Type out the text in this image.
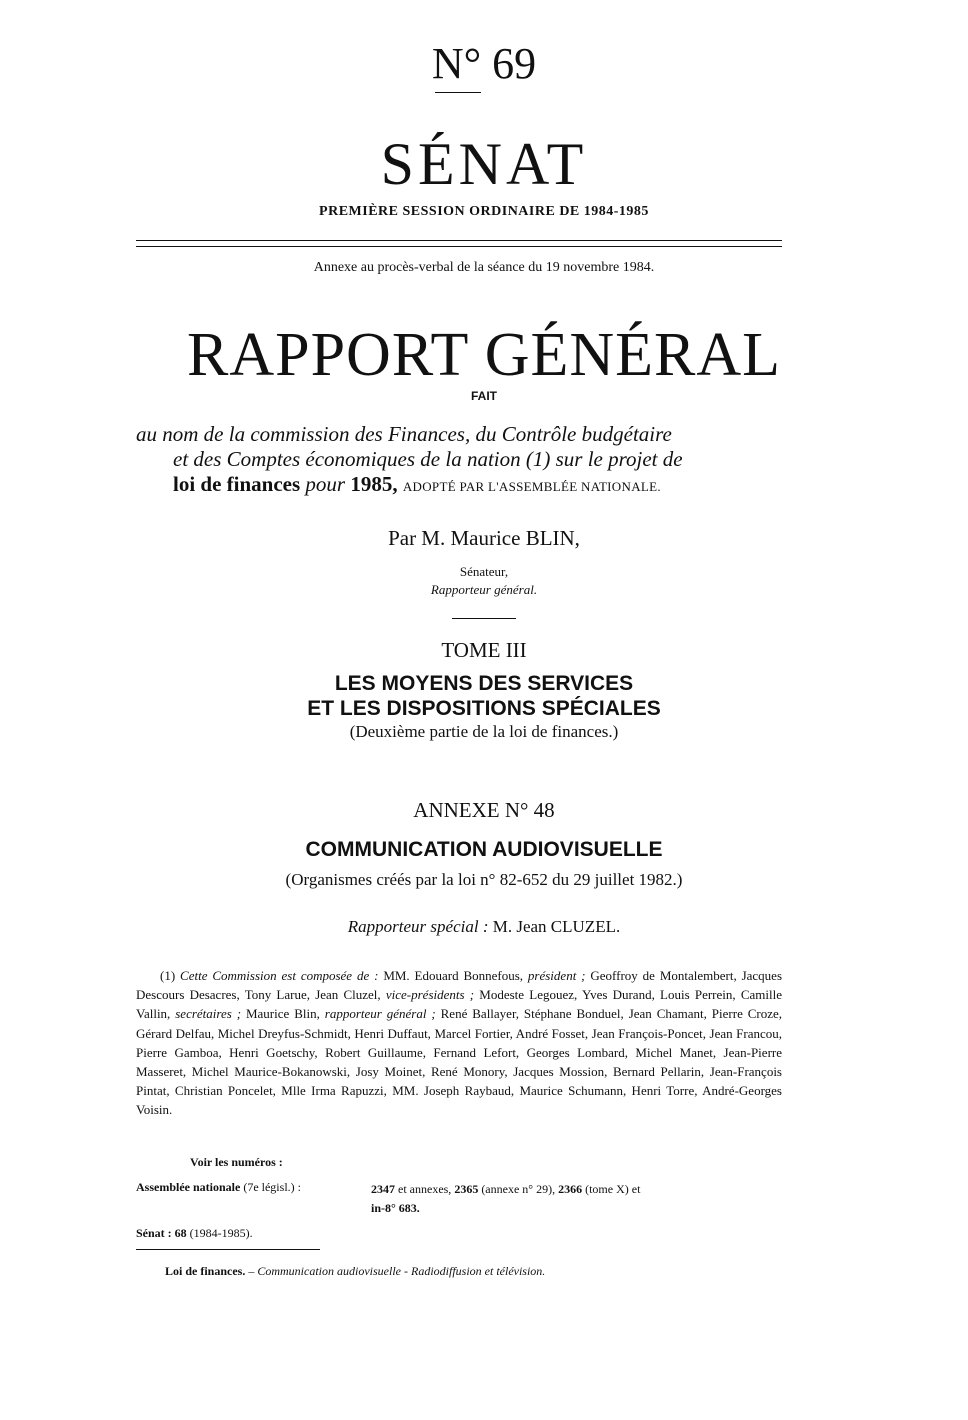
N° 69
SÉNAT
PREMIÈRE SESSION ORDINAIRE DE 1984-1985
Annexe au procès-verbal de la séance du 19 novembre 1984.
RAPPORT GÉNÉRAL
FAIT
au nom de la commission des Finances, du Contrôle budgétaire
et des Comptes économiques de la nation (1) sur le projet de
loi de finances pour 1985, ADOPTÉ PAR L'ASSEMBLÉE NATIONALE.
Par M. Maurice BLIN,
Sénateur,
Rapporteur général.
TOME III
LES MOYENS DES SERVICES
ET LES DISPOSITIONS SPÉCIALES
(Deuxième partie de la loi de finances.)
ANNEXE N° 48
COMMUNICATION AUDIOVISUELLE
(Organismes créés par la loi n° 82-652 du 29 juillet 1982.)
Rapporteur spécial : M. Jean CLUZEL.
(1) Cette Commission est composée de : MM. Edouard Bonnefous, président ; Geoffroy de Montalembert, Jacques Descours Desacres, Tony Larue, Jean Cluzel, vice-présidents ; Modeste Legouez, Yves Durand, Louis Perrein, Camille Vallin, secrétaires ; Maurice Blin, rapporteur général ; René Ballayer, Stéphane Bonduel, Jean Chamant, Pierre Croze, Gérard Delfau, Michel Dreyfus-Schmidt, Henri Duffaut, Marcel Fortier, André Fosset, Jean François-Poncet, Jean Francou, Pierre Gamboa, Henri Goetschy, Robert Guillaume, Fernand Lefort, Georges Lombard, Michel Manet, Jean-Pierre Masseret, Michel Maurice-Bokanowski, Josy Moinet, René Monory, Jacques Mossion, Bernard Pellarin, Jean-François Pintat, Christian Poncelet, Mlle Irma Rapuzzi, MM. Joseph Raybaud, Maurice Schumann, Henri Torre, André-Georges Voisin.
Voir les numéros :
Assemblée nationale (7e législ.) :	2347 et annexes, 2365 (annexe n° 29), 2366 (tome X) et
in-8° 683.
Sénat : 68 (1984-1985).
Loi de finances. – Communication audiovisuelle - Radiodiffusion et télévision.
